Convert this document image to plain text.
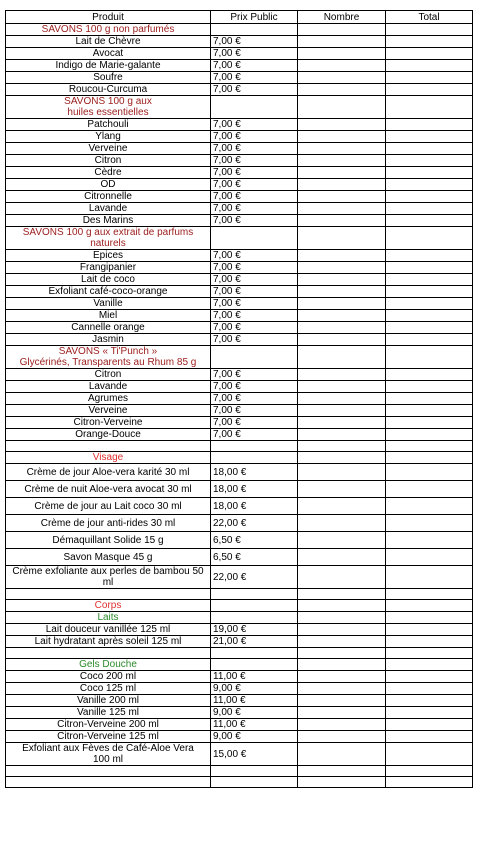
Produit	Prix Public	Nombre	Total
SAVONS 100 g non parfumés			
Lait de Chèvre	7,00 €		
Avocat	7,00 €		
Indigo de Marie-galante	7,00 €		
Soufre	7,00 €		
Roucou-Curcuma	7,00 €		
SAVONS 100 g aux
huiles essentielles			
Patchouli	7,00 €		
Ylang	7,00 €		
Verveine	7,00 €		
Citron	7,00 €		
Cèdre	7,00 €		
OD	7,00 €		
Citronnelle	7,00 €		
Lavande	7,00 €		
Des Marins	7,00 €		
SAVONS 100 g aux extrait de parfums
naturels			
Epices	7,00 €		
Frangipanier	7,00 €		
Lait de coco	7,00 €		
Exfoliant café-coco-orange	7,00 €		
Vanille	7,00 €		
Miel	7,00 €		
Cannelle orange	7,00 €		
Jasmin	7,00 €		
SAVONS « Ti'Punch »
Glycérinés, Transparents au Rhum 85 g			
Citron	7,00 €		
Lavande	7,00 €		
Agrumes	7,00 €		
Verveine	7,00 €		
Citron-Verveine	7,00 €		
Orange-Douce	7,00 €		

Visage			
Crème de jour Aloe-vera karité 30 ml	18,00 €		
Crème de nuit Aloe-vera avocat 30 ml	18,00 €		
Crème de jour au Lait coco 30 ml	18,00 €		
Crème de jour anti-rides 30 ml	22,00 €		
Démaquillant Solide 15 g	6,50 €		
Savon Masque 45 g	6,50 €		
Crème exfoliante aux perles de bambou 50
ml	22,00 €		

Corps			
Laits			
Lait douceur vanillée 125 ml	19,00 €		
Lait hydratant après soleil 125 ml	21,00 €		

Gels Douche			
Coco 200 ml	11,00 €		
Coco 125 ml	9,00 €		
Vanille 200 ml	11,00 €		
Vanille 125 ml	9,00 €		
Citron-Verveine 200 ml	11,00 €		
Citron-Verveine 125 ml	9,00 €		
Exfoliant aux Fèves de Café-Aloe Vera
100 ml	15,00 €		
